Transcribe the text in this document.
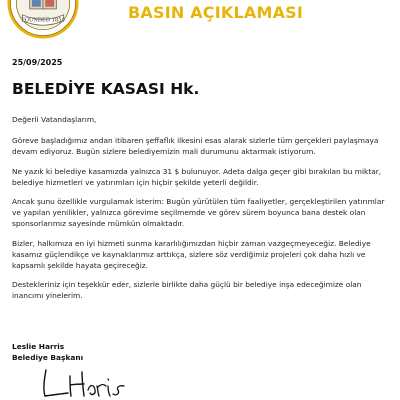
FOUNDED 1850	BASIN AÇIKLAMASI
25/09/2025
BELEDİYE KASASI Hk.

Değerli Vatandaşlarım,

Göreve başladığımız andan itibaren şeffaflık ilkesini esas alarak sizlerle tüm gerçekleri paylaşmaya devam ediyoruz. Bugün sizlere belediyemizin mali durumunu aktarmak istiyorum.

Ne yazık ki belediye kasamızda yalnızca 31 $ bulunuyor. Adeta dalga geçer gibi bırakılan bu miktar, belediye hizmetleri ve yatırımları için hiçbir şekilde yeterli değildir.

Ancak şunu özellikle vurgulamak isterim: Bugün yürütülen tüm faaliyetler, gerçekleştirilen yatırımlar ve yapılan yenilikler, yalnızca görevime seçilmemde ve görev sürem boyunca bana destek olan sponsorlarımız sayesinde mümkün olmaktadır.

Bizler, halkımıza en iyi hizmeti sunma kararlılığımızdan hiçbir zaman vazgeçmeyeceğiz. Belediye kasamız güçlendikçe ve kaynaklarımız arttıkça, sizlere söz verdiğimiz projeleri çok daha hızlı ve kapsamlı şekilde hayata geçireceğiz.

Destekleriniz için teşekkür eder, sizlerle birlikte daha güçlü bir belediye inşa edeceğimize olan inancımı yinelerim.

Leslie Harris
Belediye Başkanı
